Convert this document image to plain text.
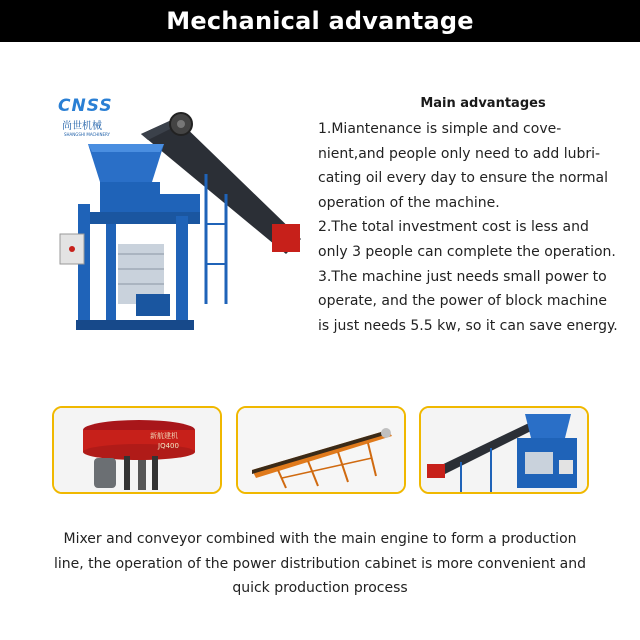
Mechanical advantage
CNSS
尚世机械
SHANGSHI MACHINERY
Main advantages
1.Miantenance is simple and cove-
nient,and people only need to add lubri-
cating oil every day to ensure the normal
operation of the machine.
2.The total investment cost is less and
only 3 people can complete the operation.
3.The machine just needs small power to
operate, and the power of block machine
is just needs 5.5 kw, so it can save energy.
新航建机
JQ400
Mixer and conveyor combined with the main engine to form a production
line, the operation of the power distribution cabinet is more convenient and
quick production process
